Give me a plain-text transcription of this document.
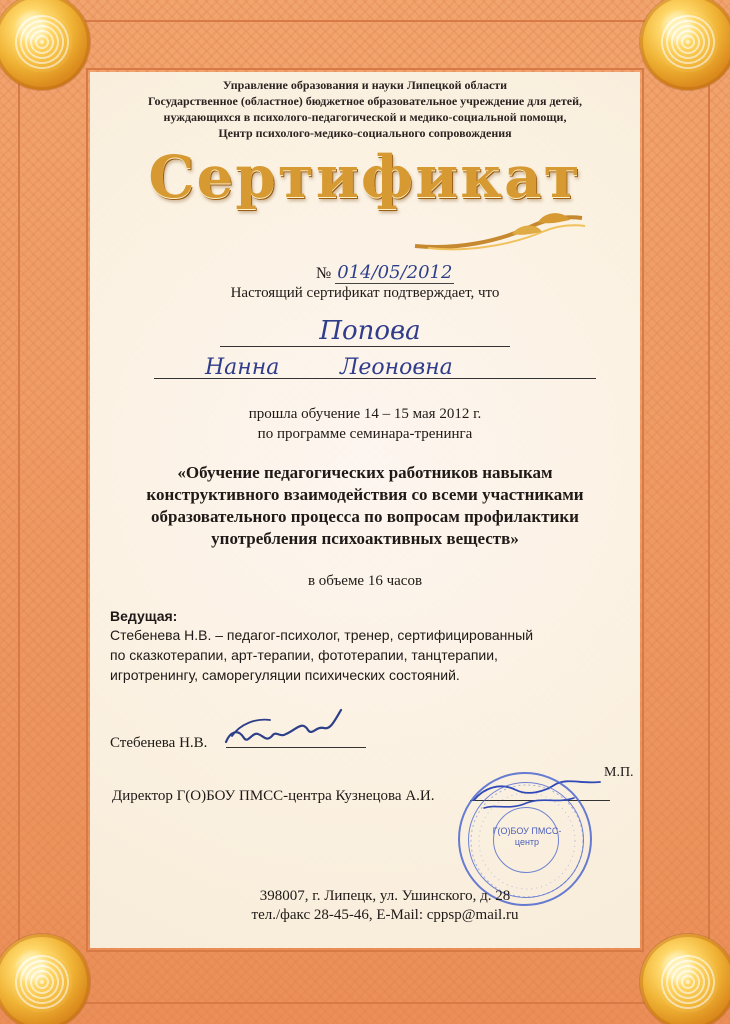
Управление образования и науки Липецкой области
Государственное (областное) бюджетное образовательное учреждение для детей,
нуждающихся в психолого-педагогической и медико-социальной помощи,
Центр психолого-медико-социального сопровождения
Сертификат
№ 014/05/2012
Настоящий сертификат подтверждает, что
Попова
Нанна	Леоновна
прошла обучение 14 – 15 мая 2012 г.
по программе семинара-тренинга
«Обучение педагогических работников навыкам конструктивного взаимодействия со всеми участниками образовательного процесса по вопросам профилактики употребления психоактивных веществ»
в объеме 16 часов
Ведущая:
Стебенева Н.В. – педагог-психолог, тренер, сертифицированный
по сказкотерапии, арт-терапии, фототерапии, танцтерапии,
игротренингу, саморегуляции психических состояний.
Стебенева Н.В.
М.П.
Директор Г(О)БОУ ПМСС-центра Кузнецова А.И.
Г(О)БОУ ПМСС-
центр
398007, г. Липецк, ул. Ушинского, д. 28
тел./факс 28-45-46, E-Mail: cppsp@mail.ru
